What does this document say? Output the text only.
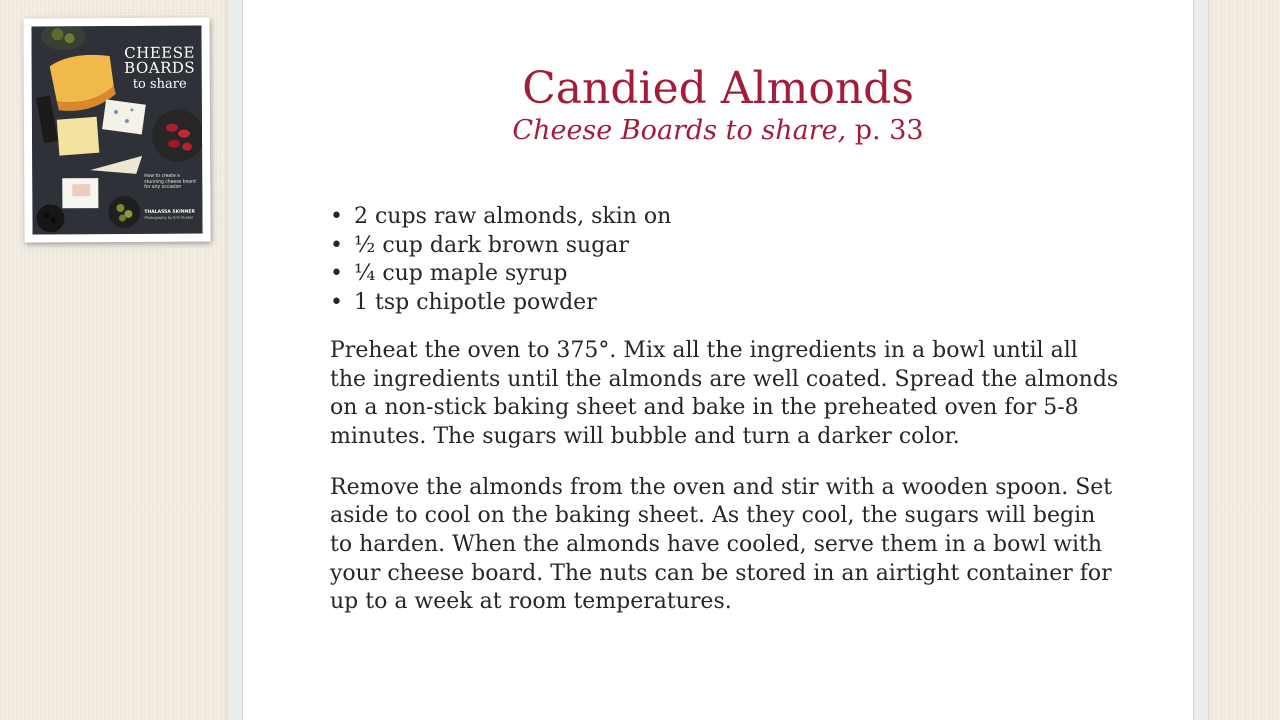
CHEESE
BOARDS
to share
How to create a stunning cheese board for any occasion
THALASSA SKINNER
Photography by Erin Kunkel
Candied Almonds
Cheese Boards to share, p. 33
• 2 cups raw almonds, skin on
• ½ cup dark brown sugar
• ¼ cup maple syrup
• 1 tsp chipotle powder

Preheat the oven to 375°. Mix all the ingredients in a bowl until all the ingredients until the almonds are well coated. Spread the almonds on a non-stick baking sheet and bake in the preheated oven for 5-8 minutes. The sugars will bubble and turn a darker color.

Remove the almonds from the oven and stir with a wooden spoon. Set aside to cool on the baking sheet. As they cool, the sugars will begin to harden. When the almonds have cooled, serve them in a bowl with your cheese board. The nuts can be stored in an airtight container for up to a week at room temperatures.
